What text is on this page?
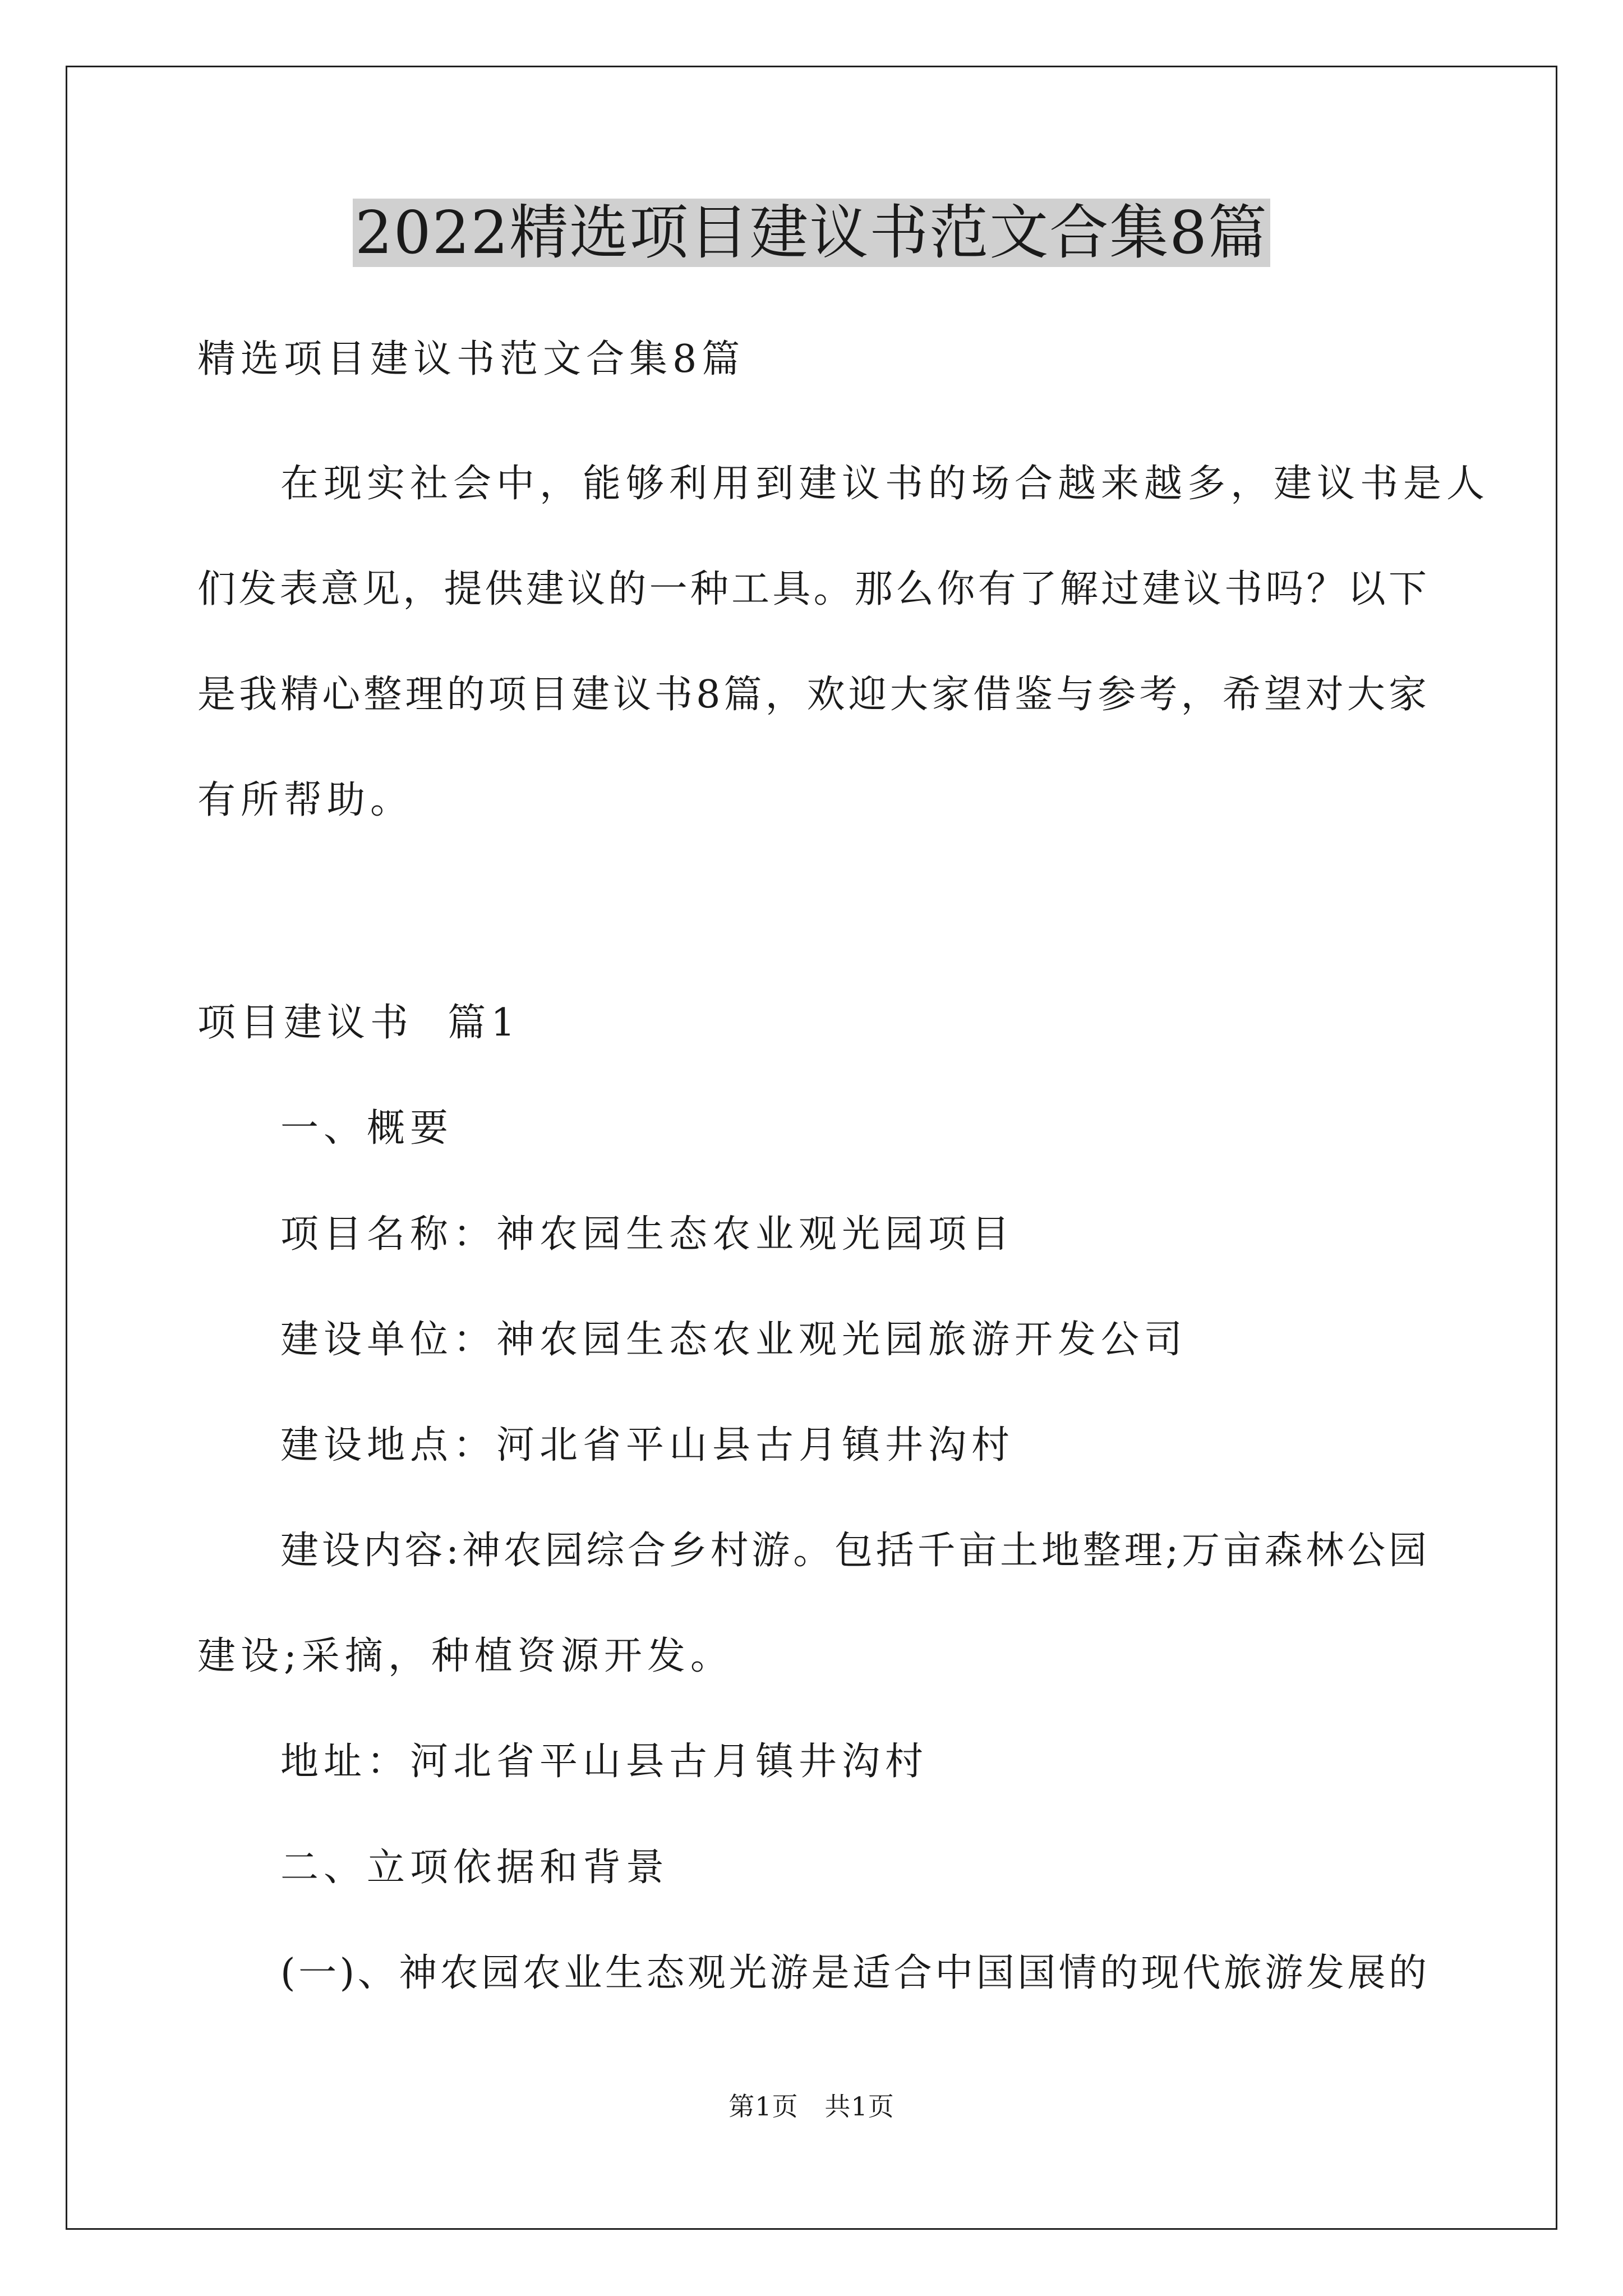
2022精选项目建议书范文合集8篇
精选项目建议书范文合集8篇
在现实社会中，能够利用到建议书的场合越来越多，建议书是人
们发表意见，提供建议的一种工具。那么你有了解过建议书吗？以下
是我精心整理的项目建议书8篇，欢迎大家借鉴与参考，希望对大家
有所帮助。
项目建议书  篇1
一、概要
项目名称：神农园生态农业观光园项目
建设单位：神农园生态农业观光园旅游开发公司
建设地点：河北省平山县古月镇井沟村
建设内容:神农园综合乡村游。包括千亩土地整理;万亩森林公园
建设;采摘，种植资源开发。
地址：河北省平山县古月镇井沟村
二、立项依据和背景
(一)、神农园农业生态观光游是适合中国国情的现代旅游发展的
第1页   共1页
